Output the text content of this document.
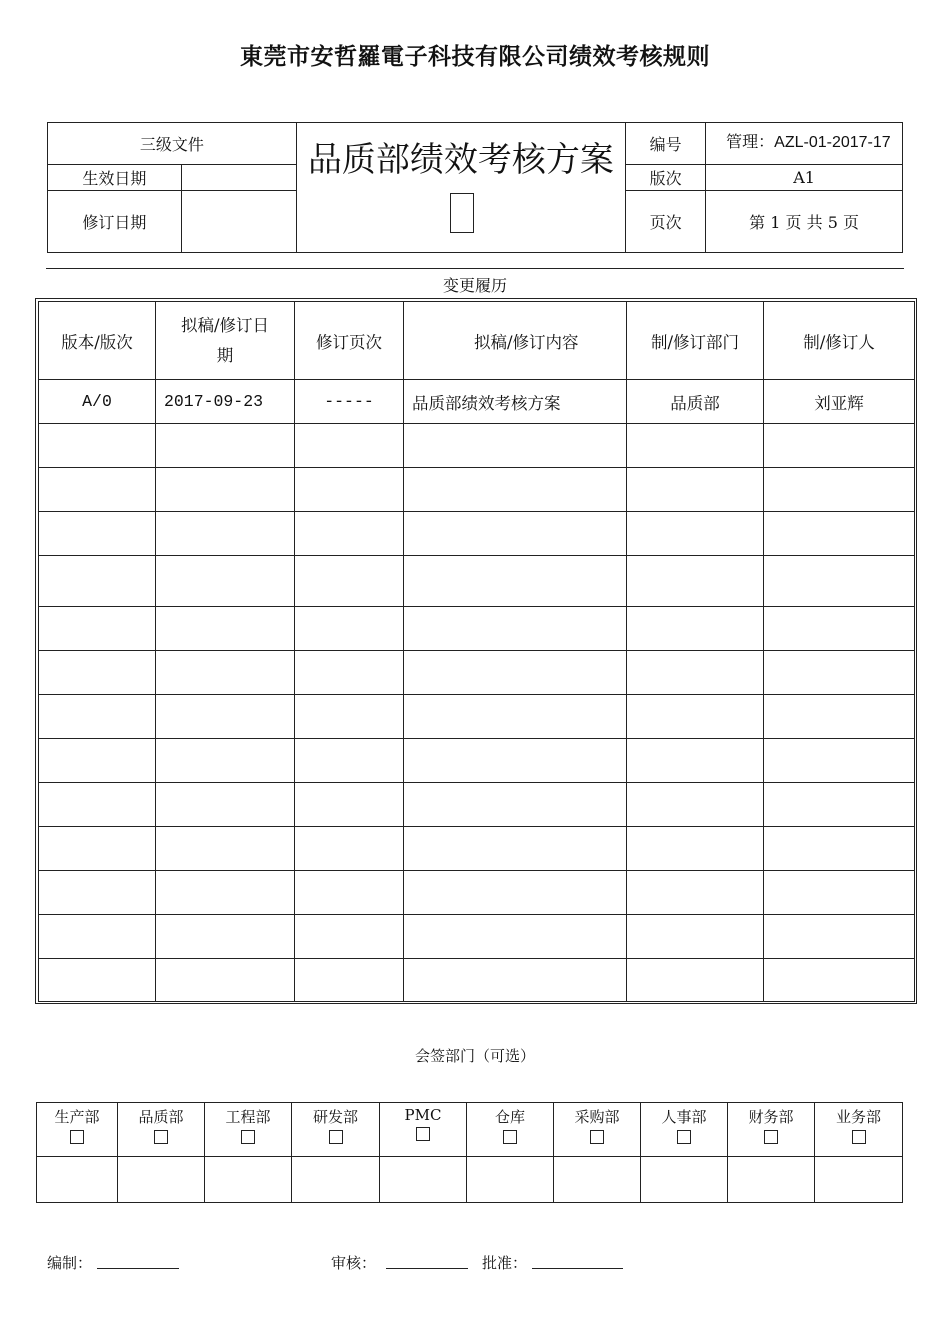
東莞市安哲羅電子科技有限公司绩效考核规则
三级文件		品质部绩效考核方案	编号	管理：AZL-01-2017-17
生效日期			版次	A1
修订日期			页次	第 1 页 共 5 页
变更履历
版本/版次	拟稿/修订日期	修订页次	拟稿/修订内容	制/修订部门	制/修订人
A/0	2017-09-23	-----	品质部绩效考核方案	品质部	刘亚辉

会签部门（可选）
生产部	品质部	工程部	研发部	PMC	仓库	采购部	人事部	财务部	业务部

编制：	审核：	批准：
